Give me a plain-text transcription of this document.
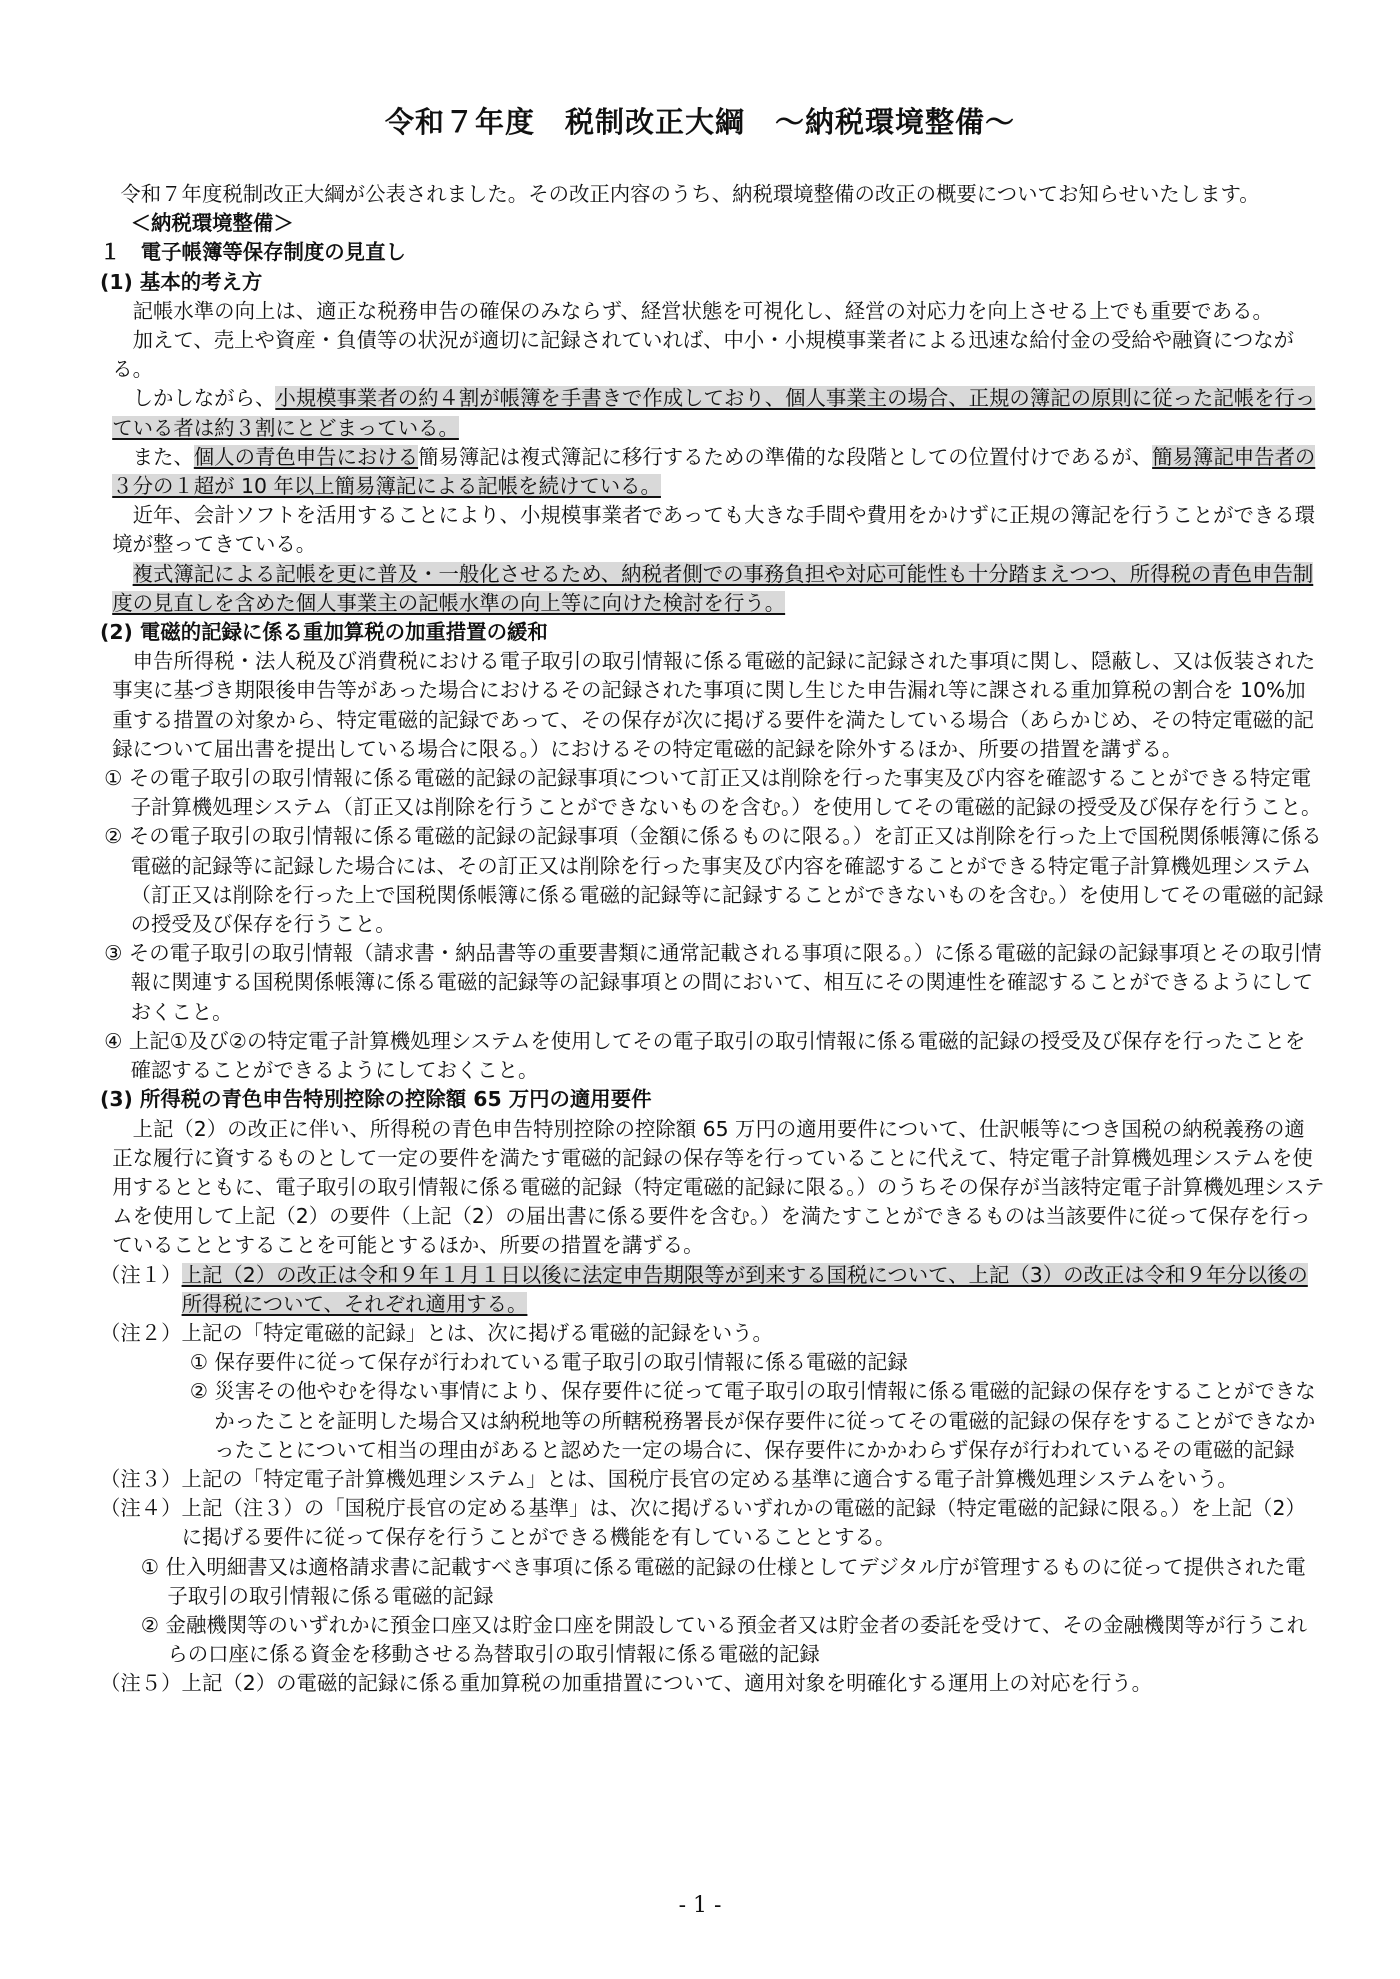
令和７年度　税制改正大綱　～納税環境整備～

令和７年度税制改正大綱が公表されました。その改正内容のうち、納税環境整備の改正の概要についてお知らせいたします。

＜納税環境整備＞

１　電子帳簿等保存制度の見直し

(1) 基本的考え方

記帳水準の向上は、適正な税務申告の確保のみならず、経営状態を可視化し、経営の対応力を向上させる上でも重要である。

加えて、売上や資産・負債等の状況が適切に記録されていれば、中小・小規模事業者による迅速な給付金の受給や融資につながる。

しかしながら、小規模事業者の約４割が帳簿を手書きで作成しており、個人事業主の場合、正規の簿記の原則に従った記帳を行っている者は約３割にとどまっている。

また、個人の青色申告における簡易簿記は複式簿記に移行するための準備的な段階としての位置付けであるが、簡易簿記申告者の３分の１超が 10 年以上簡易簿記による記帳を続けている。

近年、会計ソフトを活用することにより、小規模事業者であっても大きな手間や費用をかけずに正規の簿記を行うことができる環境が整ってきている。

複式簿記による記帳を更に普及・一般化させるため、納税者側での事務負担や対応可能性も十分踏まえつつ、所得税の青色申告制度の見直しを含めた個人事業主の記帳水準の向上等に向けた検討を行う。

(2) 電磁的記録に係る重加算税の加重措置の緩和

申告所得税・法人税及び消費税における電子取引の取引情報に係る電磁的記録に記録された事項に関し、隠蔽し、又は仮装された事実に基づき期限後申告等があった場合におけるその記録された事項に関し生じた申告漏れ等に課される重加算税の割合を 10%加重する措置の対象から、特定電磁的記録であって、その保存が次に掲げる要件を満たしている場合（あらかじめ、その特定電磁的記録について届出書を提出している場合に限る。）におけるその特定電磁的記録を除外するほか、所要の措置を講ずる。

① その電子取引の取引情報に係る電磁的記録の記録事項について訂正又は削除を行った事実及び内容を確認することができる特定電子計算機処理システム（訂正又は削除を行うことができないものを含む。）を使用してその電磁的記録の授受及び保存を行うこと。

② その電子取引の取引情報に係る電磁的記録の記録事項（金額に係るものに限る。）を訂正又は削除を行った上で国税関係帳簿に係る電磁的記録等に記録した場合には、その訂正又は削除を行った事実及び内容を確認することができる特定電子計算機処理システム（訂正又は削除を行った上で国税関係帳簿に係る電磁的記録等に記録することができないものを含む。）を使用してその電磁的記録の授受及び保存を行うこと。

③ その電子取引の取引情報（請求書・納品書等の重要書類に通常記載される事項に限る。）に係る電磁的記録の記録事項とその取引情報に関連する国税関係帳簿に係る電磁的記録等の記録事項との間において、相互にその関連性を確認することができるようにしておくこと。

④ 上記①及び②の特定電子計算機処理システムを使用してその電子取引の取引情報に係る電磁的記録の授受及び保存を行ったことを確認することができるようにしておくこと。

(3) 所得税の青色申告特別控除の控除額 65 万円の適用要件

上記（2）の改正に伴い、所得税の青色申告特別控除の控除額 65 万円の適用要件について、仕訳帳等につき国税の納税義務の適正な履行に資するものとして一定の要件を満たす電磁的記録の保存等を行っていることに代えて、特定電子計算機処理システムを使用するとともに、電子取引の取引情報に係る電磁的記録（特定電磁的記録に限る。）のうちその保存が当該特定電子計算機処理システムを使用して上記（2）の要件（上記（2）の届出書に係る要件を含む。）を満たすことができるものは当該要件に従って保存を行っていることとすることを可能とするほか、所要の措置を講ずる。

（注１）上記（2）の改正は令和９年１月１日以後に法定申告期限等が到来する国税について、上記（3）の改正は令和９年分以後の所得税について、それぞれ適用する。

（注２）上記の「特定電磁的記録」とは、次に掲げる電磁的記録をいう。

① 保存要件に従って保存が行われている電子取引の取引情報に係る電磁的記録

② 災害その他やむを得ない事情により、保存要件に従って電子取引の取引情報に係る電磁的記録の保存をすることができなかったことを証明した場合又は納税地等の所轄税務署長が保存要件に従ってその電磁的記録の保存をすることができなかったことについて相当の理由があると認めた一定の場合に、保存要件にかかわらず保存が行われているその電磁的記録

（注３）上記の「特定電子計算機処理システム」とは、国税庁長官の定める基準に適合する電子計算機処理システムをいう。

（注４）上記（注３）の「国税庁長官の定める基準」は、次に掲げるいずれかの電磁的記録（特定電磁的記録に限る。）を上記（2）に掲げる要件に従って保存を行うことができる機能を有していることとする。

① 仕入明細書又は適格請求書に記載すべき事項に係る電磁的記録の仕様としてデジタル庁が管理するものに従って提供された電子取引の取引情報に係る電磁的記録

② 金融機関等のいずれかに預金口座又は貯金口座を開設している預金者又は貯金者の委託を受けて、その金融機関等が行うこれらの口座に係る資金を移動させる為替取引の取引情報に係る電磁的記録

（注５）上記（2）の電磁的記録に係る重加算税の加重措置について、適用対象を明確化する運用上の対応を行う。

- 1 -
